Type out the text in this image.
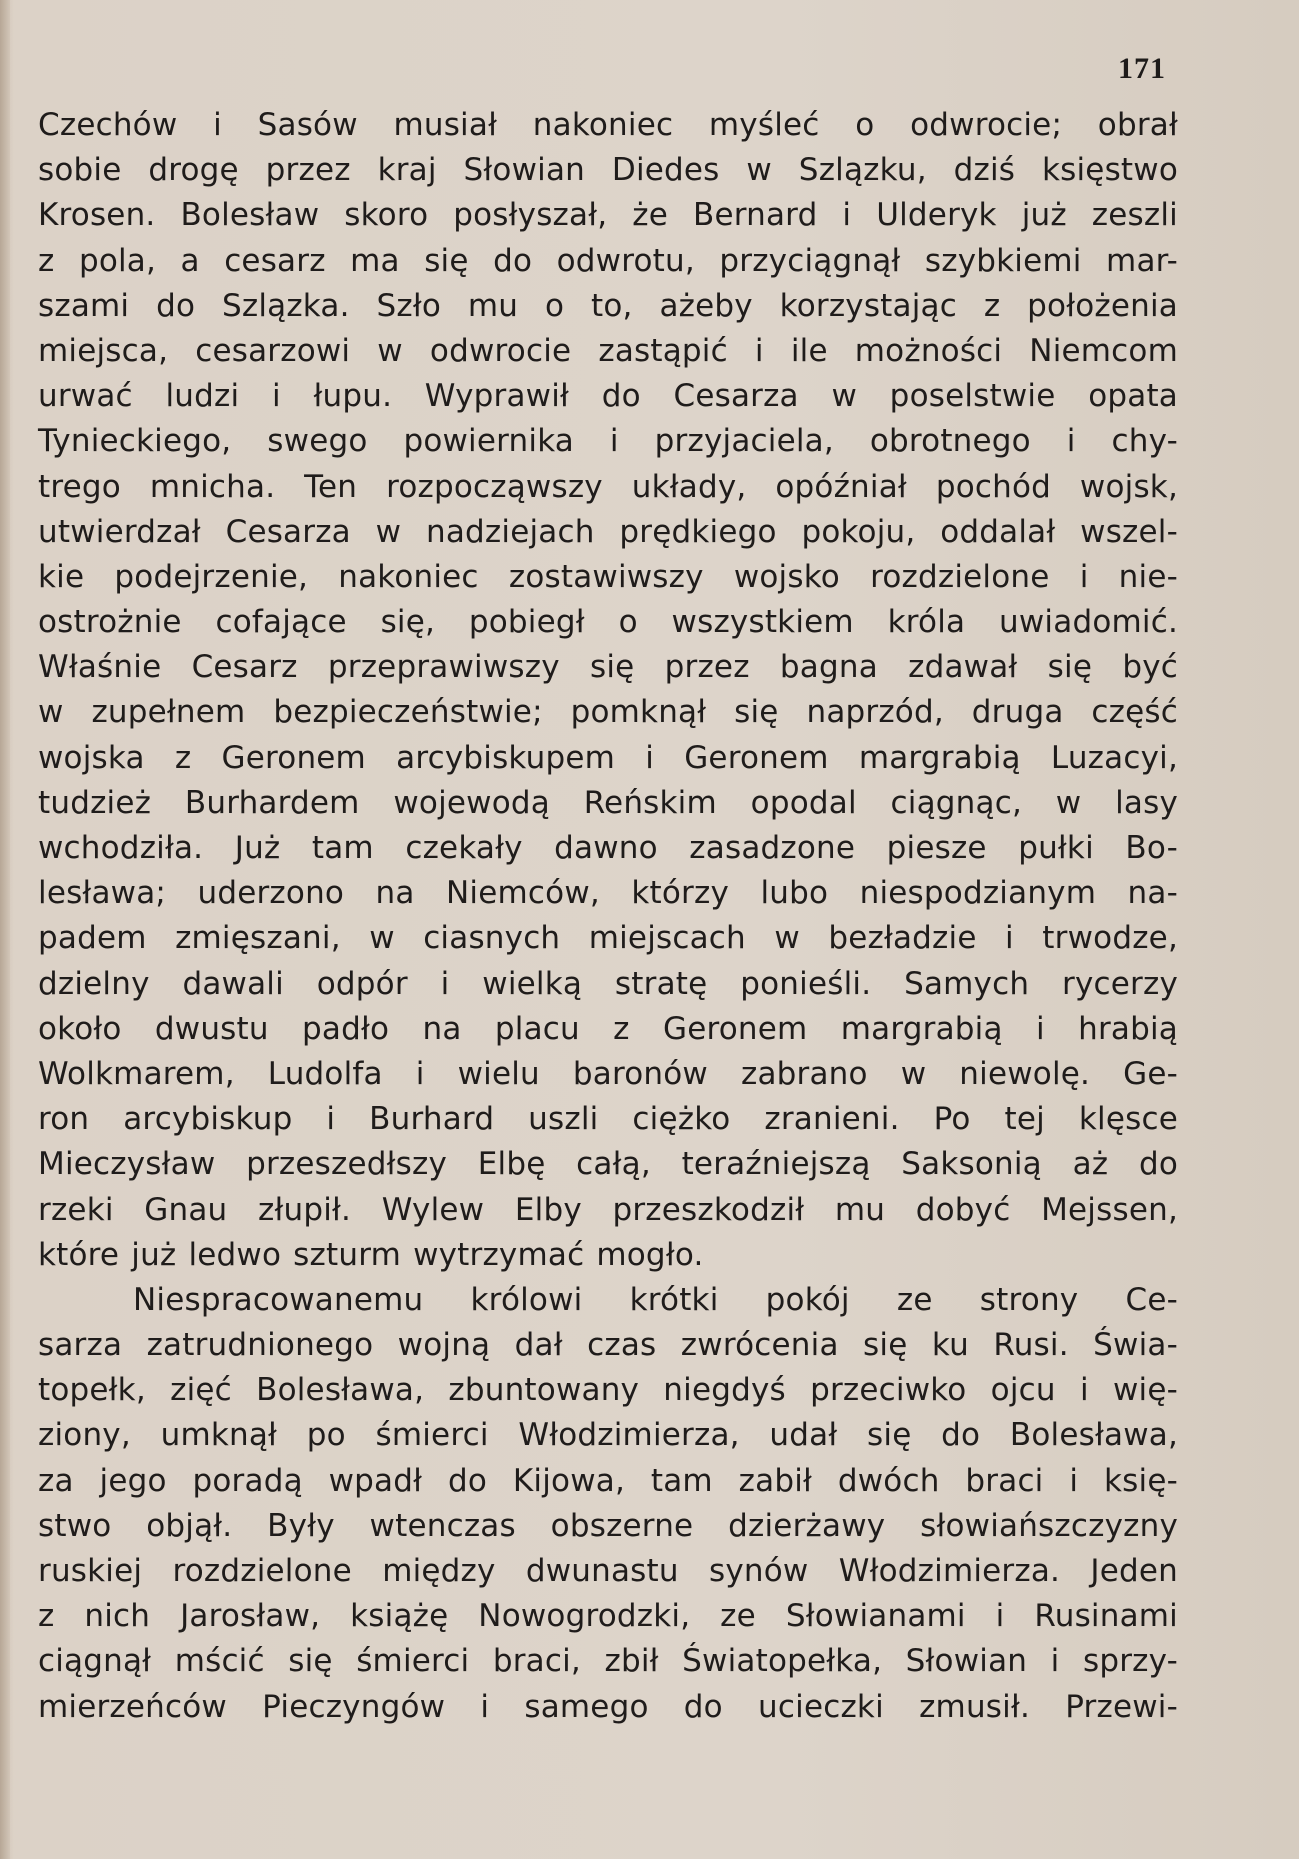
171
Czechów i Sasów musiał nakoniec myśleć o odwrocie; obrał
sobie drogę przez kraj Słowian Diedes w Szlązku, dziś księstwo
Krosen. Bolesław skoro posłyszał, że Bernard i Ulderyk już zeszli
z pola, a cesarz ma się do odwrotu, przyciągnął szybkiemi mar-
szami do Szlązka. Szło mu o to, ażeby korzystając z położenia
miejsca, cesarzowi w odwrocie zastąpić i ile możności Niemcom
urwać ludzi i łupu. Wyprawił do Cesarza w poselstwie opata
Tynieckiego, swego powiernika i przyjaciela, obrotnego i chy-
trego mnicha. Ten rozpocząwszy układy, opóźniał pochód wojsk,
utwierdzał Cesarza w nadziejach prędkiego pokoju, oddalał wszel-
kie podejrzenie, nakoniec zostawiwszy wojsko rozdzielone i nie-
ostrożnie cofające się, pobiegł o wszystkiem króla uwiadomić.
Właśnie Cesarz przeprawiwszy się przez bagna zdawał się być
w zupełnem bezpieczeństwie; pomknął się naprzód, druga część
wojska z Geronem arcybiskupem i Geronem margrabią Luzacyi,
tudzież Burhardem wojewodą Reńskim opodal ciągnąc, w lasy
wchodziła. Już tam czekały dawno zasadzone piesze pułki Bo-
lesława; uderzono na Niemców, którzy lubo niespodzianym na-
padem zmięszani, w ciasnych miejscach w bezładzie i trwodze,
dzielny dawali odpór i wielką stratę ponieśli. Samych rycerzy
około dwustu padło na placu z Geronem margrabią i hrabią
Wolkmarem, Ludolfa i wielu baronów zabrano w niewolę. Ge-
ron arcybiskup i Burhard uszli ciężko zranieni. Po tej klęsce
Mieczysław przeszedłszy Elbę całą, teraźniejszą Saksonią aż do
rzeki Gnau złupił. Wylew Elby przeszkodził mu dobyć Mejssen,
które już ledwo szturm wytrzymać mogło.
Niespracowanemu królowi krótki pokój ze strony Ce-
sarza zatrudnionego wojną dał czas zwrócenia się ku Rusi. Świa-
topełk, zięć Bolesława, zbuntowany niegdyś przeciwko ojcu i wię-
ziony, umknął po śmierci Włodzimierza, udał się do Bolesława,
za jego poradą wpadł do Kijowa, tam zabił dwóch braci i księ-
stwo objął. Były wtenczas obszerne dzierżawy słowiańszczyzny
ruskiej rozdzielone między dwunastu synów Włodzimierza. Jeden
z nich Jarosław, książę Nowogrodzki, ze Słowianami i Rusinami
ciągnął mścić się śmierci braci, zbił Światopełka, Słowian i sprzy-
mierzeńców Pieczyngów i samego do ucieczki zmusił. Przewi-
